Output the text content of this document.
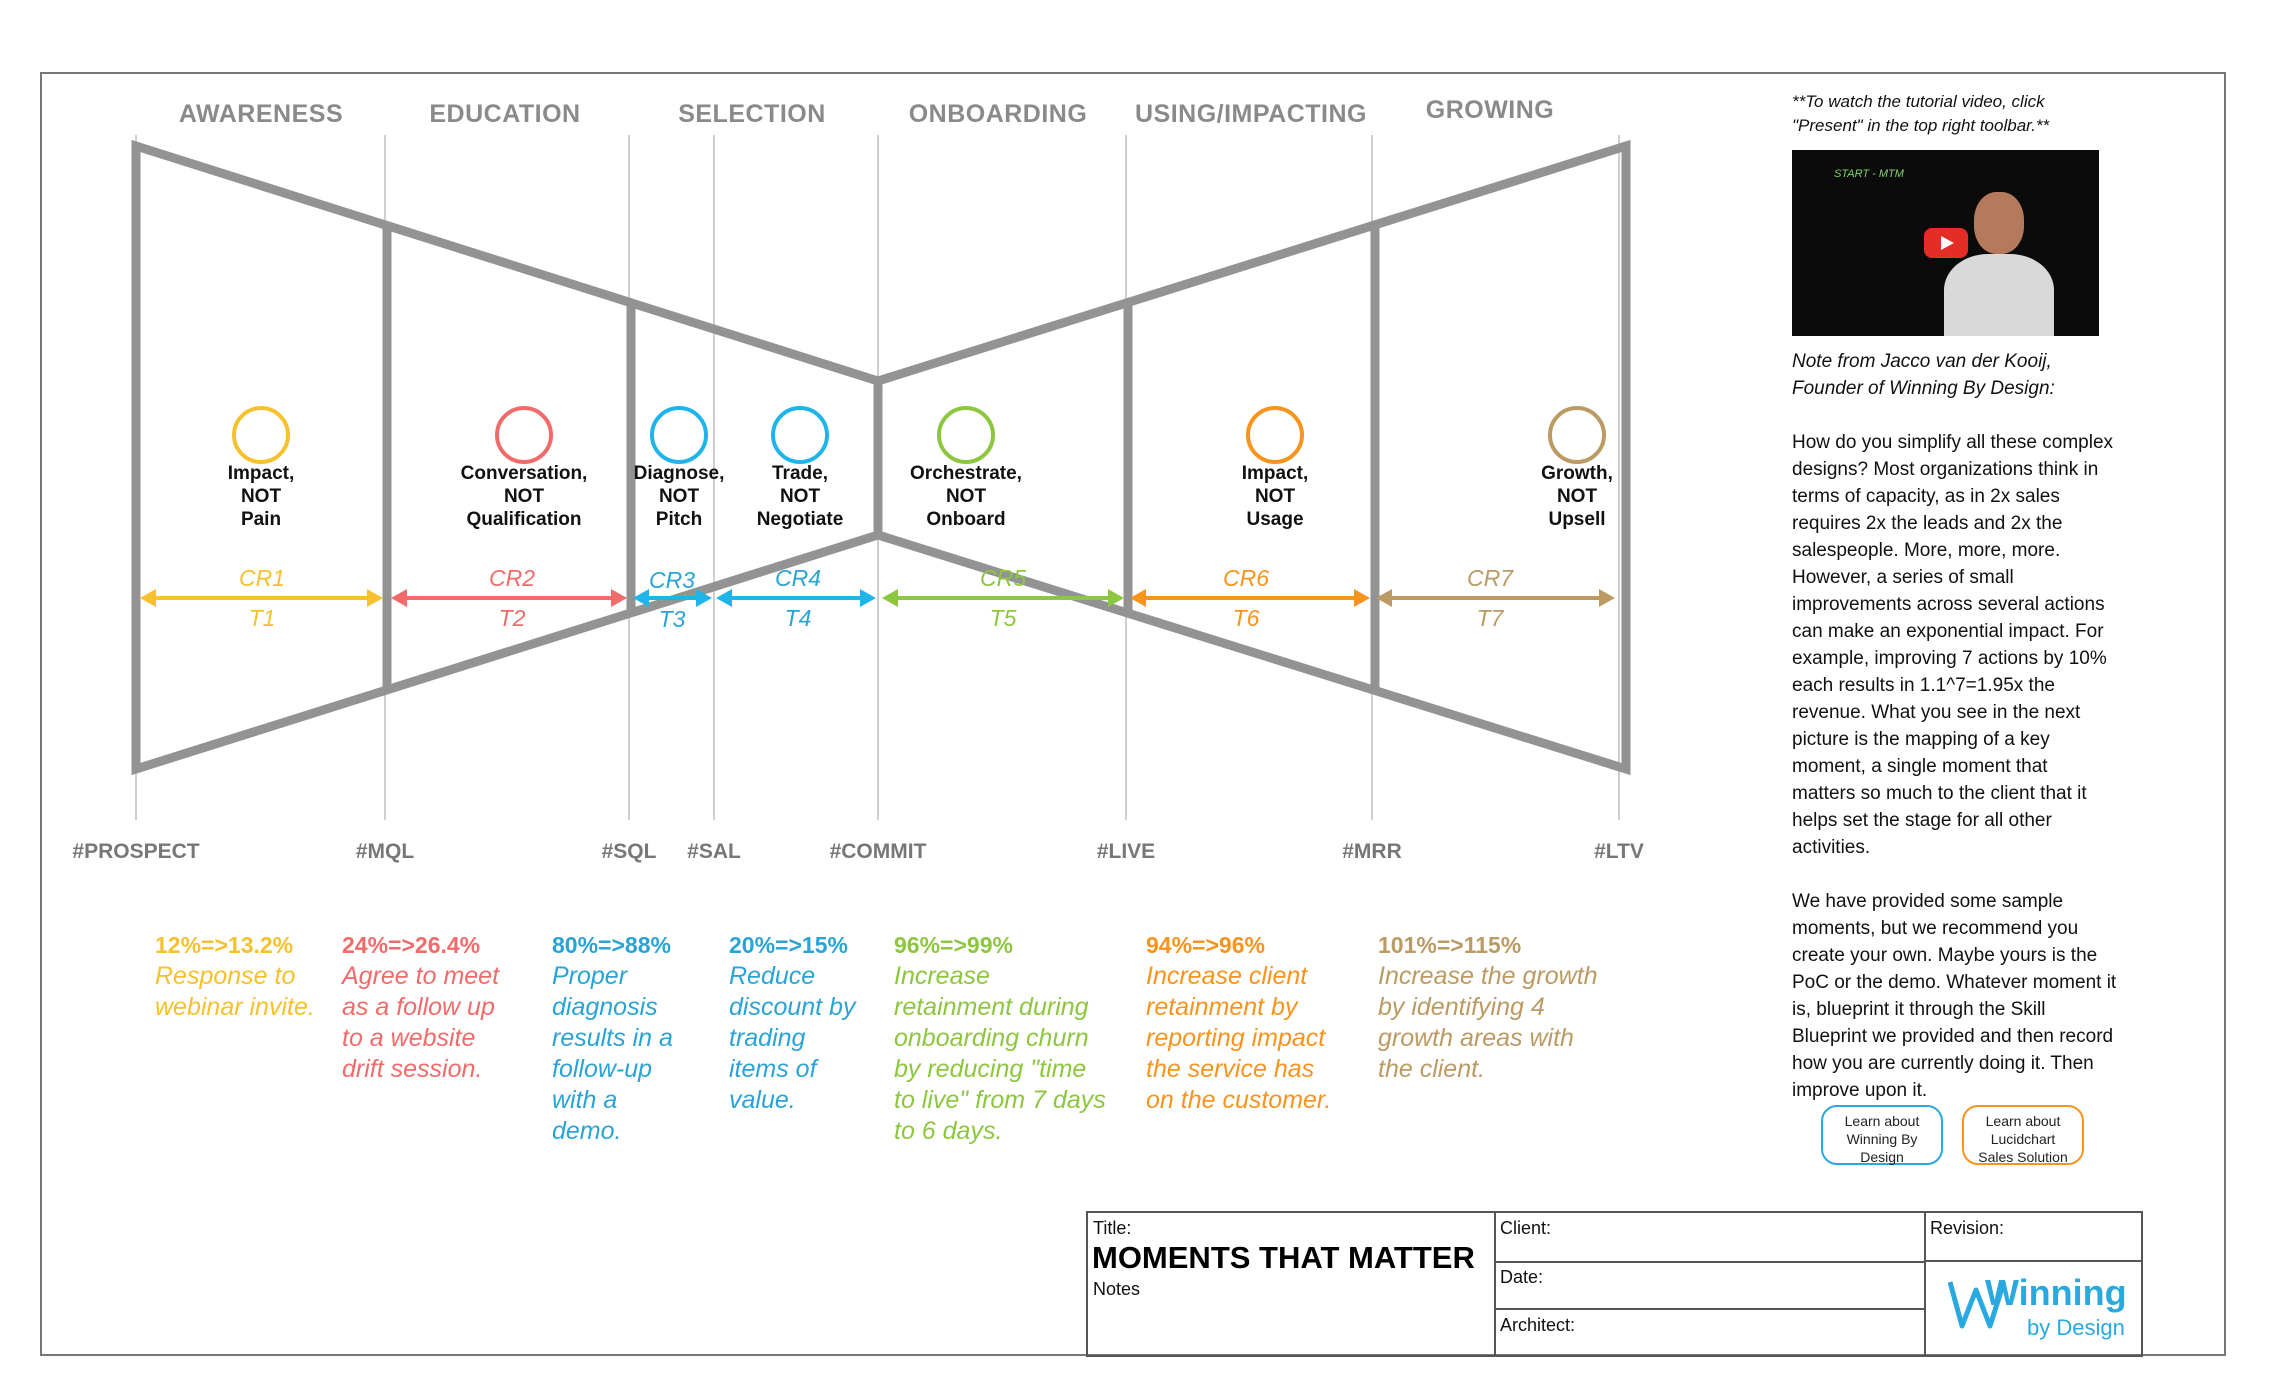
AWARENESS	EDUCATION	SELECTION	ONBOARDING	USING/IMPACTING	GROWING
Impact,
NOT
Pain
Conversation,
NOT
Qualification
Diagnose,
NOT
Pitch
Trade,
NOT
Negotiate
Orchestrate,
NOT
Onboard
Impact,
NOT
Usage
Growth,
NOT
Upsell
CR1
T1
CR2
T2
CR3
T3
CR4
T4
CR5
T5
CR6
T6
CR7
T7
#PROSPECT	#MQL	#SQL	#SAL	#COMMIT	#LIVE	#MRR	#LTV
12%=>13.2%
Response to
webinar invite.
24%=>26.4%
Agree to meet
as a follow up
to a website
drift session.
80%=>88%
Proper
diagnosis
results in a
follow-up
with a
demo.
20%=>15%
Reduce
discount by
trading
items of
value.
96%=>99%
Increase
retainment during
onboarding churn
by reducing "time
to live" from 7 days
to 6 days.
94%=>96%
Increase client
retainment by
reporting impact
the service has
on the customer.
101%=>115%
Increase the growth
by identifying 4
growth areas with
the client.
**To watch the tutorial video, click
"Present" in the top right toolbar.**
START - MTM
Note from Jacco van der Kooij,
Founder of Winning By Design:

How do you simplify all these complex
designs? Most organizations think in
terms of capacity, as in 2x sales
requires 2x the leads and 2x the
salespeople. More, more, more.
However, a series of small
improvements across several actions
can make an exponential impact. For
example, improving 7 actions by 10%
each results in 1.1^7=1.95x the
revenue. What you see in the next
picture is the mapping of a key
moment, a single moment that
matters so much to the client that it
helps set the stage for all other
activities.

We have provided some sample
moments, but we recommend you
create your own. Maybe yours is the
PoC or the demo. Whatever moment it
is, blueprint it through the Skill
Blueprint we provided and then record
how you are currently doing it. Then
improve upon it.

Learn about
Winning By
Design
Learn about
Lucidchart
Sales Solution
Title:
MOMENTS THAT MATTER
Notes
Client:
Date:
Architect:
Revision:
Winning
by Design
